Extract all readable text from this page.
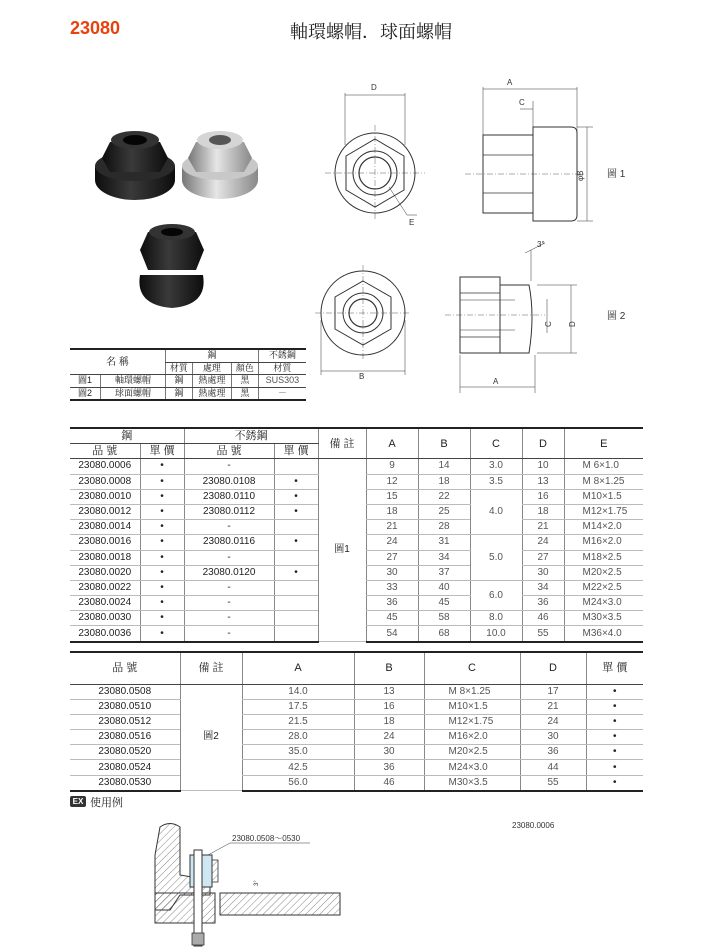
23080	軸環螺帽．球面螺帽
D
E
A
C
φB 圖 1
B
3°
C D
A
圖 2
名 稱		鋼			不銹鋼
		材質	處理	顏色	材質
圖1	軸環螺帽	鋼	熱處理	黑	SUS303
圖2	球面螺帽	鋼	熱處理	黑	－
鋼		不銹鋼		備 註	A	B	C	D	E
品 號	單 價	品 號	單 價						
23080.0006	•	-		圖1	9	14	3.0	10	M 6×1.0
23080.0008	•	23080.0108	•		12	18	3.5	13	M 8×1.25
23080.0010	•	23080.0110	•		15	22	4.0	16	M10×1.5
23080.0012	•	23080.0112	•		18	25		18	M12×1.75
23080.0014	•	-			21	28		21	M14×2.0
23080.0016	•	23080.0116	•		24	31	5.0	24	M16×2.0
23080.0018	•	-			27	34		27	M18×2.5
23080.0020	•	23080.0120	•		30	37		30	M20×2.5
23080.0022	•	-			33	40	6.0	34	M22×2.5
23080.0024	•	-			36	45		36	M24×3.0
23080.0030	•	-			45	58	8.0	46	M30×3.5
23080.0036	•	-			54	68	10.0	55	M36×4.0
品 號	備 註	A	B	C	D	單 價
23080.0508	圖2	14.0	13	M 8×1.25	17	•
23080.0510		17.5	16	M10×1.5	21	•
23080.0512		21.5	18	M12×1.75	24	•
23080.0516		28.0	24	M16×2.0	30	•
23080.0520		35.0	30	M20×2.5	36	•
23080.0524		42.5	36	M24×3.0	44	•
23080.0530		56.0	46	M30×3.5	55	•
EX 使用例
23080.0508～0530
3°
23080.0006
